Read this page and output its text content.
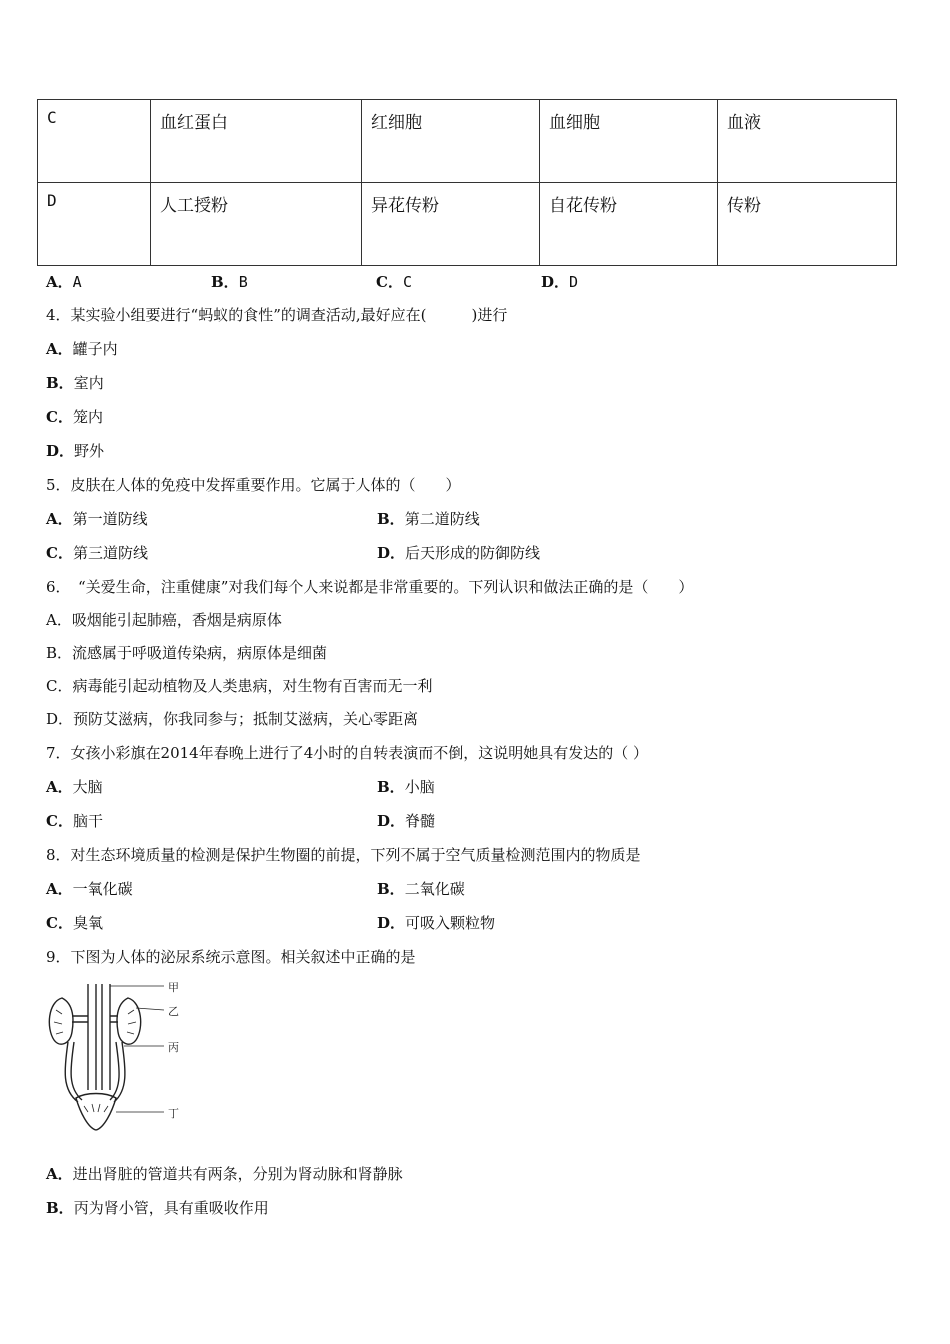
C	血红蛋白	红细胞	血细胞	血液
D	人工授粉	异花传粉	自花传粉	传粉
A．A	B．B	C．C	D．D
4．某实验小组要进行“蚂蚁的食性”的调查活动,最好应在(　　　)进行
A．罐子内
B．室内
C．笼内
D．野外
5．皮肤在人体的免疫中发挥重要作用。它属于人体的（　　）
A．第一道防线	B．第二道防线
C．第三道防线	D．后天形成的防御防线
6．　“关爱生命，注重健康”对我们每个人来说都是非常重要的。下列认识和做法正确的是（　　）
A．吸烟能引起肺癌，香烟是病原体
B．流感属于呼吸道传染病，病原体是细菌
C．病毒能引起动植物及人类患病，对生物有百害而无一利
D．预防艾滋病，你我同参与；抵制艾滋病，关心零距离
7．女孩小彩旗在2014年春晚上进行了4小时的自转表演而不倒，这说明她具有发达的（ ）
A．大脑	B．小脑
C．脑干	D．脊髓
8．对生态环境质量的检测是保护生物圈的前提，下列不属于空气质量检测范围内的物质是
A．一氧化碳	B．二氧化碳
C．臭氧	D．可吸入颗粒物
9．下图为人体的泌尿系统示意图。相关叙述中正确的是
甲
乙
丙
丁
A．进出肾脏的管道共有两条，分别为肾动脉和肾静脉
B．丙为肾小管，具有重吸收作用
